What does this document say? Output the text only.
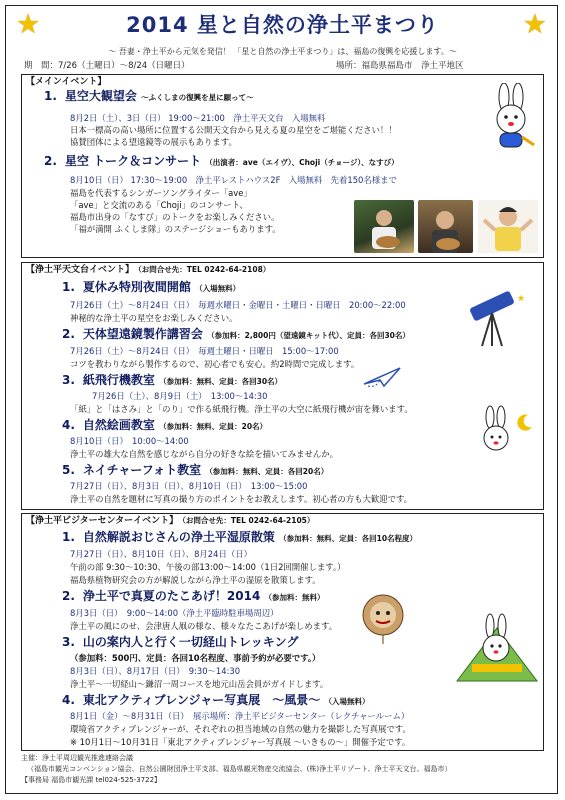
★	★
2014 星と自然の浄土平まつり
～ 吾妻・浄土平から元気を発信！ 「星と自然の浄土平まつり」は、福島の復興を応援します。～
期　間：7/26（土曜日）～8/24（日曜日）	場所：福島県福島市　浄土平地区
【メインイベント】
1. 星空大観望会 ～ふくしまの復興を星に願って～
8月2日（土）、3日（日） 19:00～21:00　浄土平天文台　入場無料
日本一標高の高い場所に位置する公開天文台から見える夏の星空をご堪能ください！！
協賛団体による望遠鏡等の展示もあります。
2. 星空 トーク＆コンサート （出演者：ave（エイヴ）、Choji（チョージ）、なすび）
8月10日（日） 17:30～19:00　浄土平レストハウス2F　入場無料　先着150名様まで
福島を代表するシンガーソングライター「ave」
「ave」と交流のある「Choji」のコンサート、
福島市出身の「なすび」のトークをお楽しみください。
「福が満開 ふくしま隊」のステージショーもあります。
【浄土平天文台イベント】 （お問合せ先：TEL 0242-64-2108）
1. 夏休み特別夜間開館 （入場無料）
7月26日（土）～8月24日（日）　毎週水曜日・金曜日・土曜日・日曜日　20:00～22:00
神秘的な浄土平の星空をお楽しみください。
2. 天体望遠鏡製作講習会 （参加料：2,800円（望遠鏡キット代）、定員：各回30名）
7月26日（土）～8月24日（日）　毎週土曜日・日曜日　15:00～17:00
コツを教わりながら製作するので、初心者でも安心。約2時間で完成します。
3. 紙飛行機教室 （参加料：無料、定員：各回30名）
7月26日（土）、8月9日（土）　13:00～14:30
「紙」と「はさみ」と「のり」で作る紙飛行機。浄土平の大空に紙飛行機が宙を舞います。
4. 自然絵画教室 （参加料：無料、定員：20名）
8月10日（日）　10:00～14:00
浄土平の雄大な自然を感じながら自分の好きな絵を描いてみませんか。
5. ネイチャーフォト教室 （参加料：無料、定員：各回20名）
7月27日（日）、8月3日（日）、8月10日（日）　13:00～15:00
浄土平の自然を題材に写真の撮り方のポイントをお教えします。初心者の方も大歓迎です。
★
【浄土平ビジターセンターイベント】 （お問合せ先：TEL 0242-64-2105）
1. 自然解説おじさんの浄土平湿原散策 （参加料：無料、定員：各回10名程度）
7月27日（日）、8月10日（日）、8月24日（日）
午前の部 9:30～10:30、午後の部13:00～14:00（1日2回開催します。）
福島県植物研究会の方が解説しながら浄土平の湿原を散策します。
2. 浄土平で真夏のたこあげ！2014 （参加料：無料）
8月3日（日）　9:00～14:00（浄土平臨時駐車場周辺）
浄土平の風にのせ、会津唐人凧の様な、様々なたこあげが楽しめます。
3. 山の案内人と行く一切経山トレッキング
（参加料：500円、定員：各回10名程度、事前予約が必要です。）
8月3日（日）、8月17日（日）　9:30～14:30
浄土平～一切経山～鎌沼一周コースを地元山岳会員がガイドします。
4. 東北アクティブレンジャー写真展　～風景～ （入場無料）
8月1日（金）～8月31日（日）　展示場所：浄土平ビジターセンター（レクチャールーム）
環境省アクティブレンジャーが、それぞれの担当地域の自然の魅力を撮影した写真展です。
※ 10月1日～10月31日「東北アクティブレンジャー写真展 ～いきもの～」開催予定です。
主催：浄土平周辺観光推進連絡会議
（福島市観光コンベンション協会、自然公園財団浄土平支部、福島県観光物産交流協会、(株)浄土平リゾート、浄土平天文台、福島市）
【事務局 福島市観光課 tel024-525-3722】
